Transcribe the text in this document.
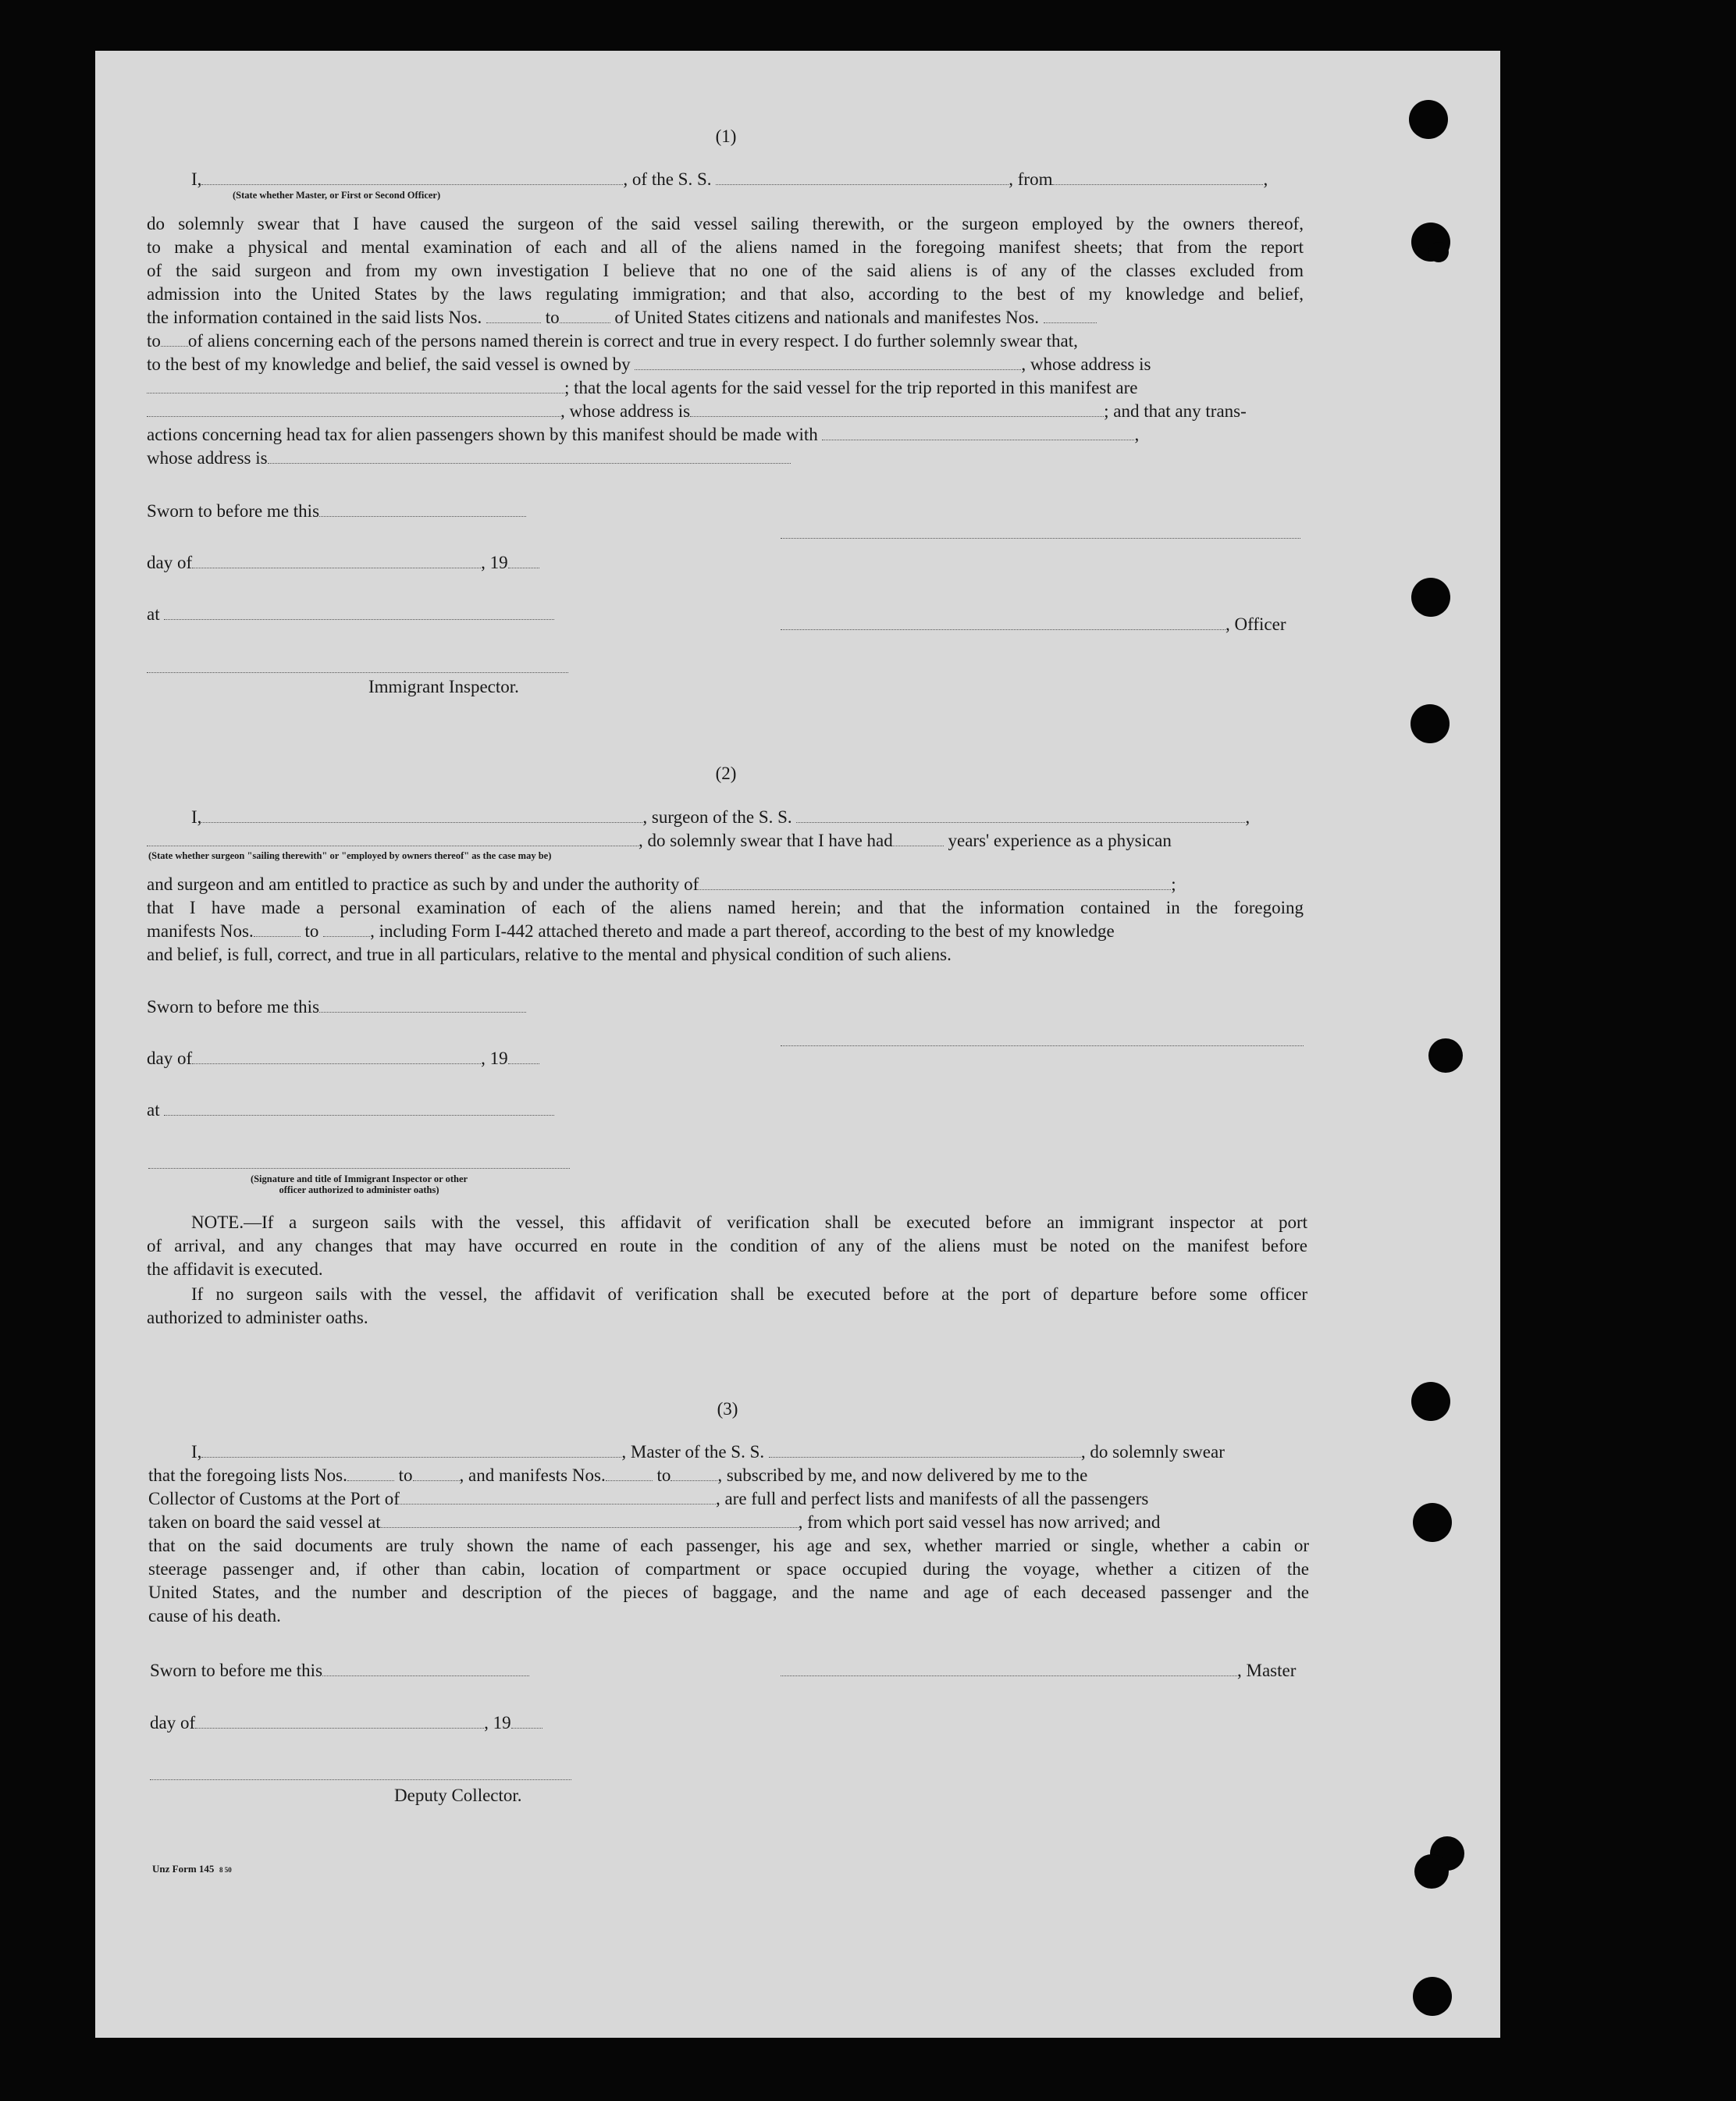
(1)
I,	, of the S. S.	, from	,
(State whether Master, or First or Second Officer)
do solemnly swear that I have caused the surgeon of the said vessel sailing therewith, or the surgeon employed by the owners thereof,
to make a physical and mental examination of each and all of the aliens named in the foregoing manifest sheets; that from the report
of the said surgeon and from my own investigation I believe that no one of the said aliens is of any of the classes excluded from
admission into the United States by the laws regulating immigration; and that also, according to the best of my knowledge and belief,
the information contained in the said lists Nos.	to	of United States citizens and nationals and manifestes Nos.
to of aliens concerning each of the persons named therein is correct and true in every respect. I do further solemnly swear that,
to the best of my knowledge and belief, the said vessel is owned by	, whose address is
; that the local agents for the said vessel for the trip reported in this manifest are
, whose address is	; and that any trans-
actions concerning head tax for alien passengers shown by this manifest should be made with	,
whose address is
Sworn to before me this
day of	, 19
at
Immigrant Inspector.
, Officer
(2)
I,	, surgeon of the S. S.	,
, do solemnly swear that I have had	years' experience as a physican
(State whether surgeon "sailing therewith" or "employed by owners thereof" as the case may be)
and surgeon and am entitled to practice as such by and under the authority of	;
that I have made a personal examination of each of the aliens named herein; and that the information contained in the foregoing
manifests Nos.	to	, including Form I-442 attached thereto and made a part thereof, according to the best of my knowledge
and belief, is full, correct, and true in all particulars, relative to the mental and physical condition of such aliens.
Sworn to before me this
day of	, 19
at
(Signature and title of Immigrant Inspector or other
officer authorized to administer oaths)
NOTE.—If a surgeon sails with the vessel, this affidavit of verification shall be executed before an immigrant inspector at port
of arrival, and any changes that may have occurred en route in the condition of any of the aliens must be noted on the manifest before
the affidavit is executed.
If no surgeon sails with the vessel, the affidavit of verification shall be executed before at the port of departure before some officer
authorized to administer oaths.
(3)
I,	, Master of the S. S.	, do solemnly swear
that the foregoing lists Nos.	to	, and manifests Nos.	to	, subscribed by me, and now delivered by me to the
Collector of Customs at the Port of	, are full and perfect lists and manifests of all the passengers
taken on board the said vessel at	, from which port said vessel has now arrived; and
that on the said documents are truly shown the name of each passenger, his age and sex, whether married or single, whether a cabin or
steerage passenger and, if other than cabin, location of compartment or space occupied during the voyage, whether a citizen of the
United States, and the number and description of the pieces of baggage, and the name and age of each deceased passenger and the
cause of his death.
Sworn to before me this	, Master
day of	, 19
Deputy Collector.
Unz Form 145 8 50
